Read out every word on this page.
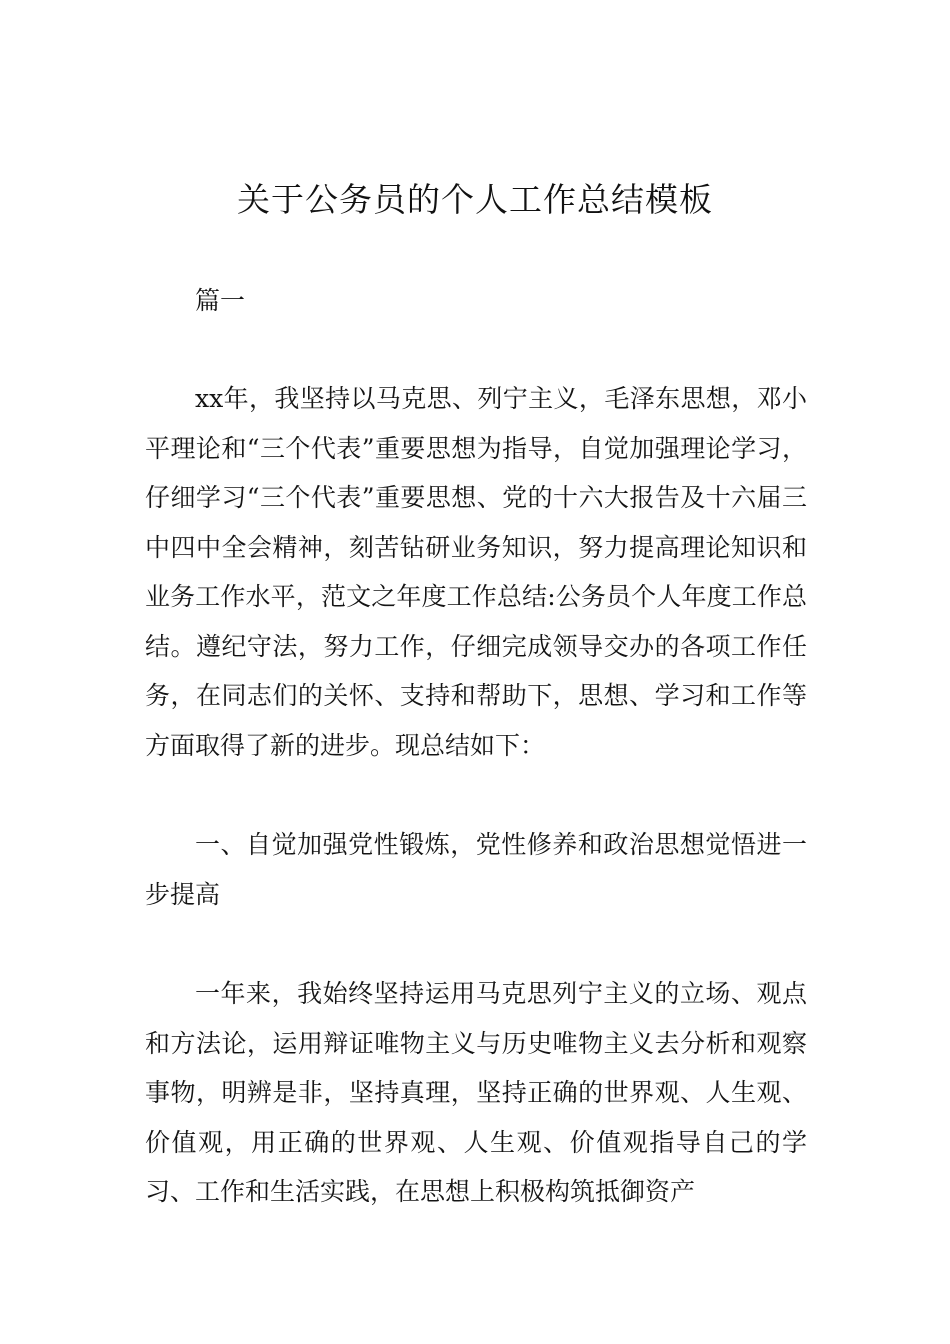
关于公务员的个人工作总结模板

篇一

xx年，我坚持以马克思、列宁主义，毛泽东思想，邓小平理论和“三个代表”重要思想为指导，自觉加强理论学习，仔细学习“三个代表”重要思想、党的十六大报告及十六届三中四中全会精神，刻苦钻研业务知识，努力提高理论知识和业务工作水平，范文之年度工作总结:公务员个人年度工作总结。遵纪守法，努力工作，仔细完成领导交办的各项工作任务，在同志们的关怀、支持和帮助下，思想、学习和工作等方面取得了新的进步。现总结如下：

一、自觉加强党性锻炼，党性修养和政治思想觉悟进一步提高

一年来，我始终坚持运用马克思列宁主义的立场、观点和方法论，运用辩证唯物主义与历史唯物主义去分析和观察事物，明辨是非，坚持真理，坚持正确的世界观、人生观、价值观，用正确的世界观、人生观、价值观指导自己的学习、工作和生活实践，在思想上积极构筑抵御资产
